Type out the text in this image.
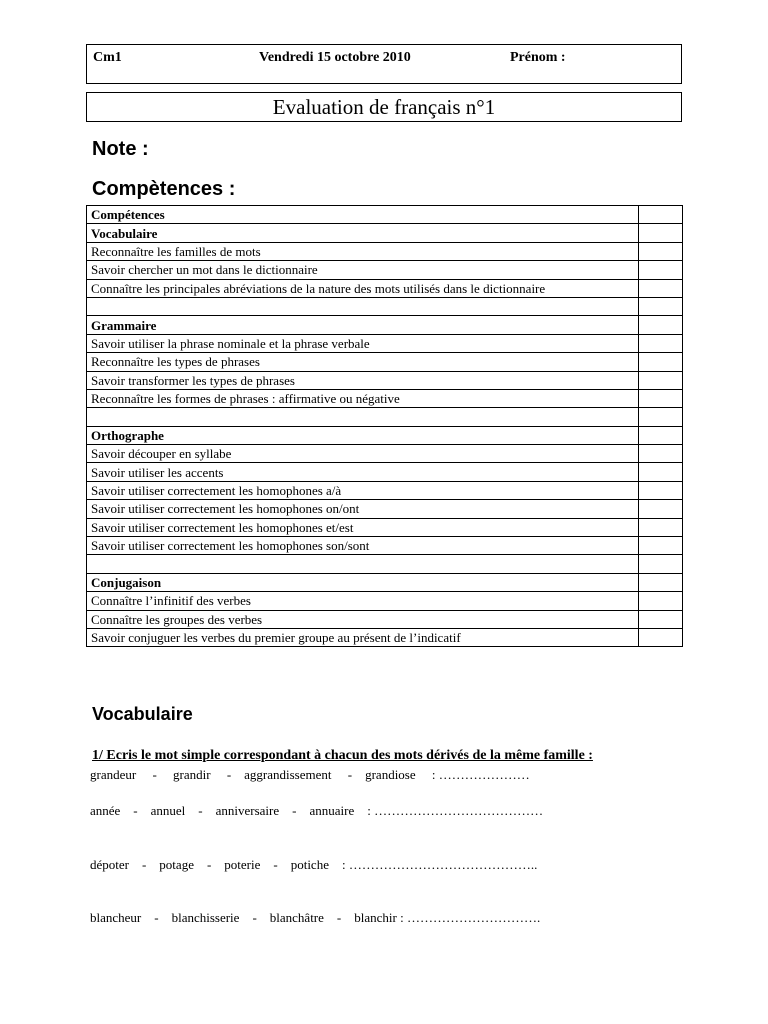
Cm1	Vendredi 15 octobre 2010	Prénom :
Evaluation de français n°1
Note :
Compètences :
Compétences	
Vocabulaire	
Reconnaître les familles de mots	
Savoir chercher un mot dans le dictionnaire	
Connaître les principales abréviations de la nature des mots utilisés dans le dictionnaire	

Grammaire	
Savoir utiliser la phrase nominale et la phrase verbale	
Reconnaître les types de phrases	
Savoir transformer les types de phrases	
Reconnaître les formes de phrases : affirmative ou négative	

Orthographe	
Savoir découper en syllabe	
Savoir utiliser les accents	
Savoir utiliser correctement les homophones a/à	
Savoir utiliser correctement les homophones on/ont	
Savoir utiliser correctement les homophones et/est	
Savoir utiliser correctement les homophones son/sont	

Conjugaison	
Connaître l’infinitif des verbes	
Connaître les groupes des verbes	
Savoir conjuguer les verbes du premier groupe au présent de l’indicatif	
Vocabulaire
1/ Ecris le mot simple correspondant à chacun des mots dérivés de la même famille :
grandeur     -     grandir     -    aggrandissement     -    grandiose     : …………………
année    -    annuel    -    anniversaire    -    annuaire    : …………………………………
dépoter    -    potage    -    poterie    -    potiche    : ……………………………………..
blancheur    -    blanchisserie    -    blanchâtre    -    blanchir : ………………………….
